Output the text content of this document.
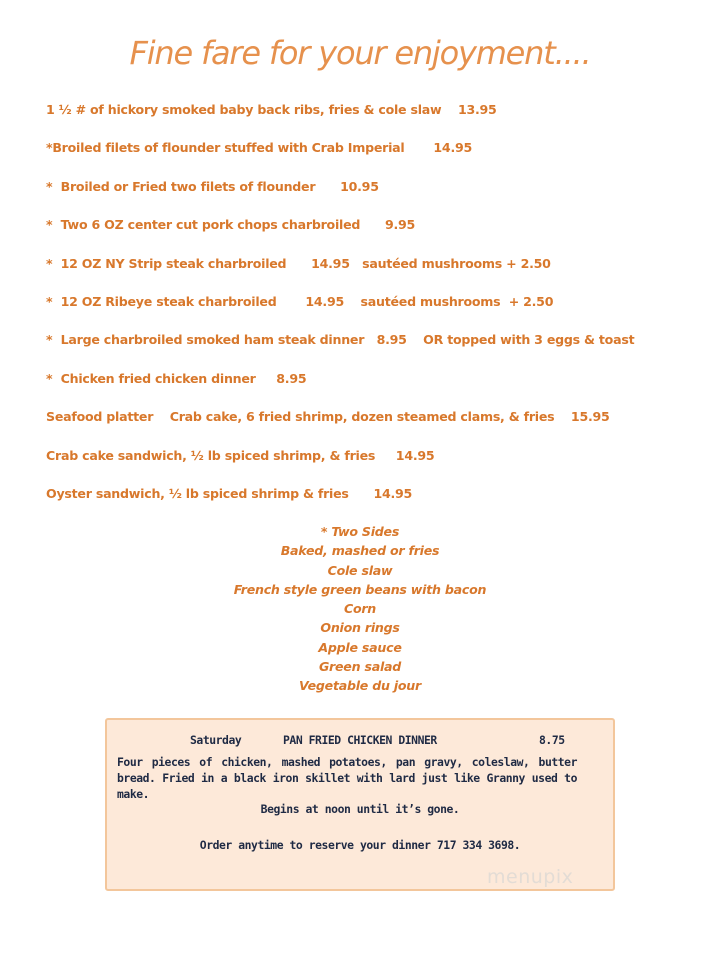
Fine fare for your enjoyment....
1 ½ # of hickory smoked baby back ribs, fries & cole slaw    13.95
*Broiled filets of flounder stuffed with Crab Imperial       14.95
*  Broiled or Fried two filets of flounder      10.95
*  Two 6 OZ center cut pork chops charbroiled      9.95
*  12 OZ NY Strip steak charbroiled      14.95   sautéed mushrooms + 2.50
*  12 OZ Ribeye steak charbroiled       14.95    sautéed mushrooms  + 2.50
*  Large charbroiled smoked ham steak dinner   8.95    OR topped with 3 eggs & toast
*  Chicken fried chicken dinner     8.95
Seafood platter    Crab cake, 6 fried shrimp, dozen steamed clams, & fries    15.95
Crab cake sandwich, ½ lb spiced shrimp, & fries     14.95
Oyster sandwich, ½ lb spiced shrimp & fries      14.95
* Two Sides
Baked, mashed or fries
Cole slaw
French style green beans with bacon
Corn
Onion rings
Apple sauce
Green salad
Vegetable du jour

Saturday

	PAN FRIED CHICKEN DINNER

	8.75

Four pieces of chicken, mashed potatoes, pan gravy, coleslaw, butter bread. Fried in a black iron skillet with lard just like Granny used to make.
Begins at noon until it’s gone.
Order anytime to reserve your dinner 717 334 3698.
menupix
